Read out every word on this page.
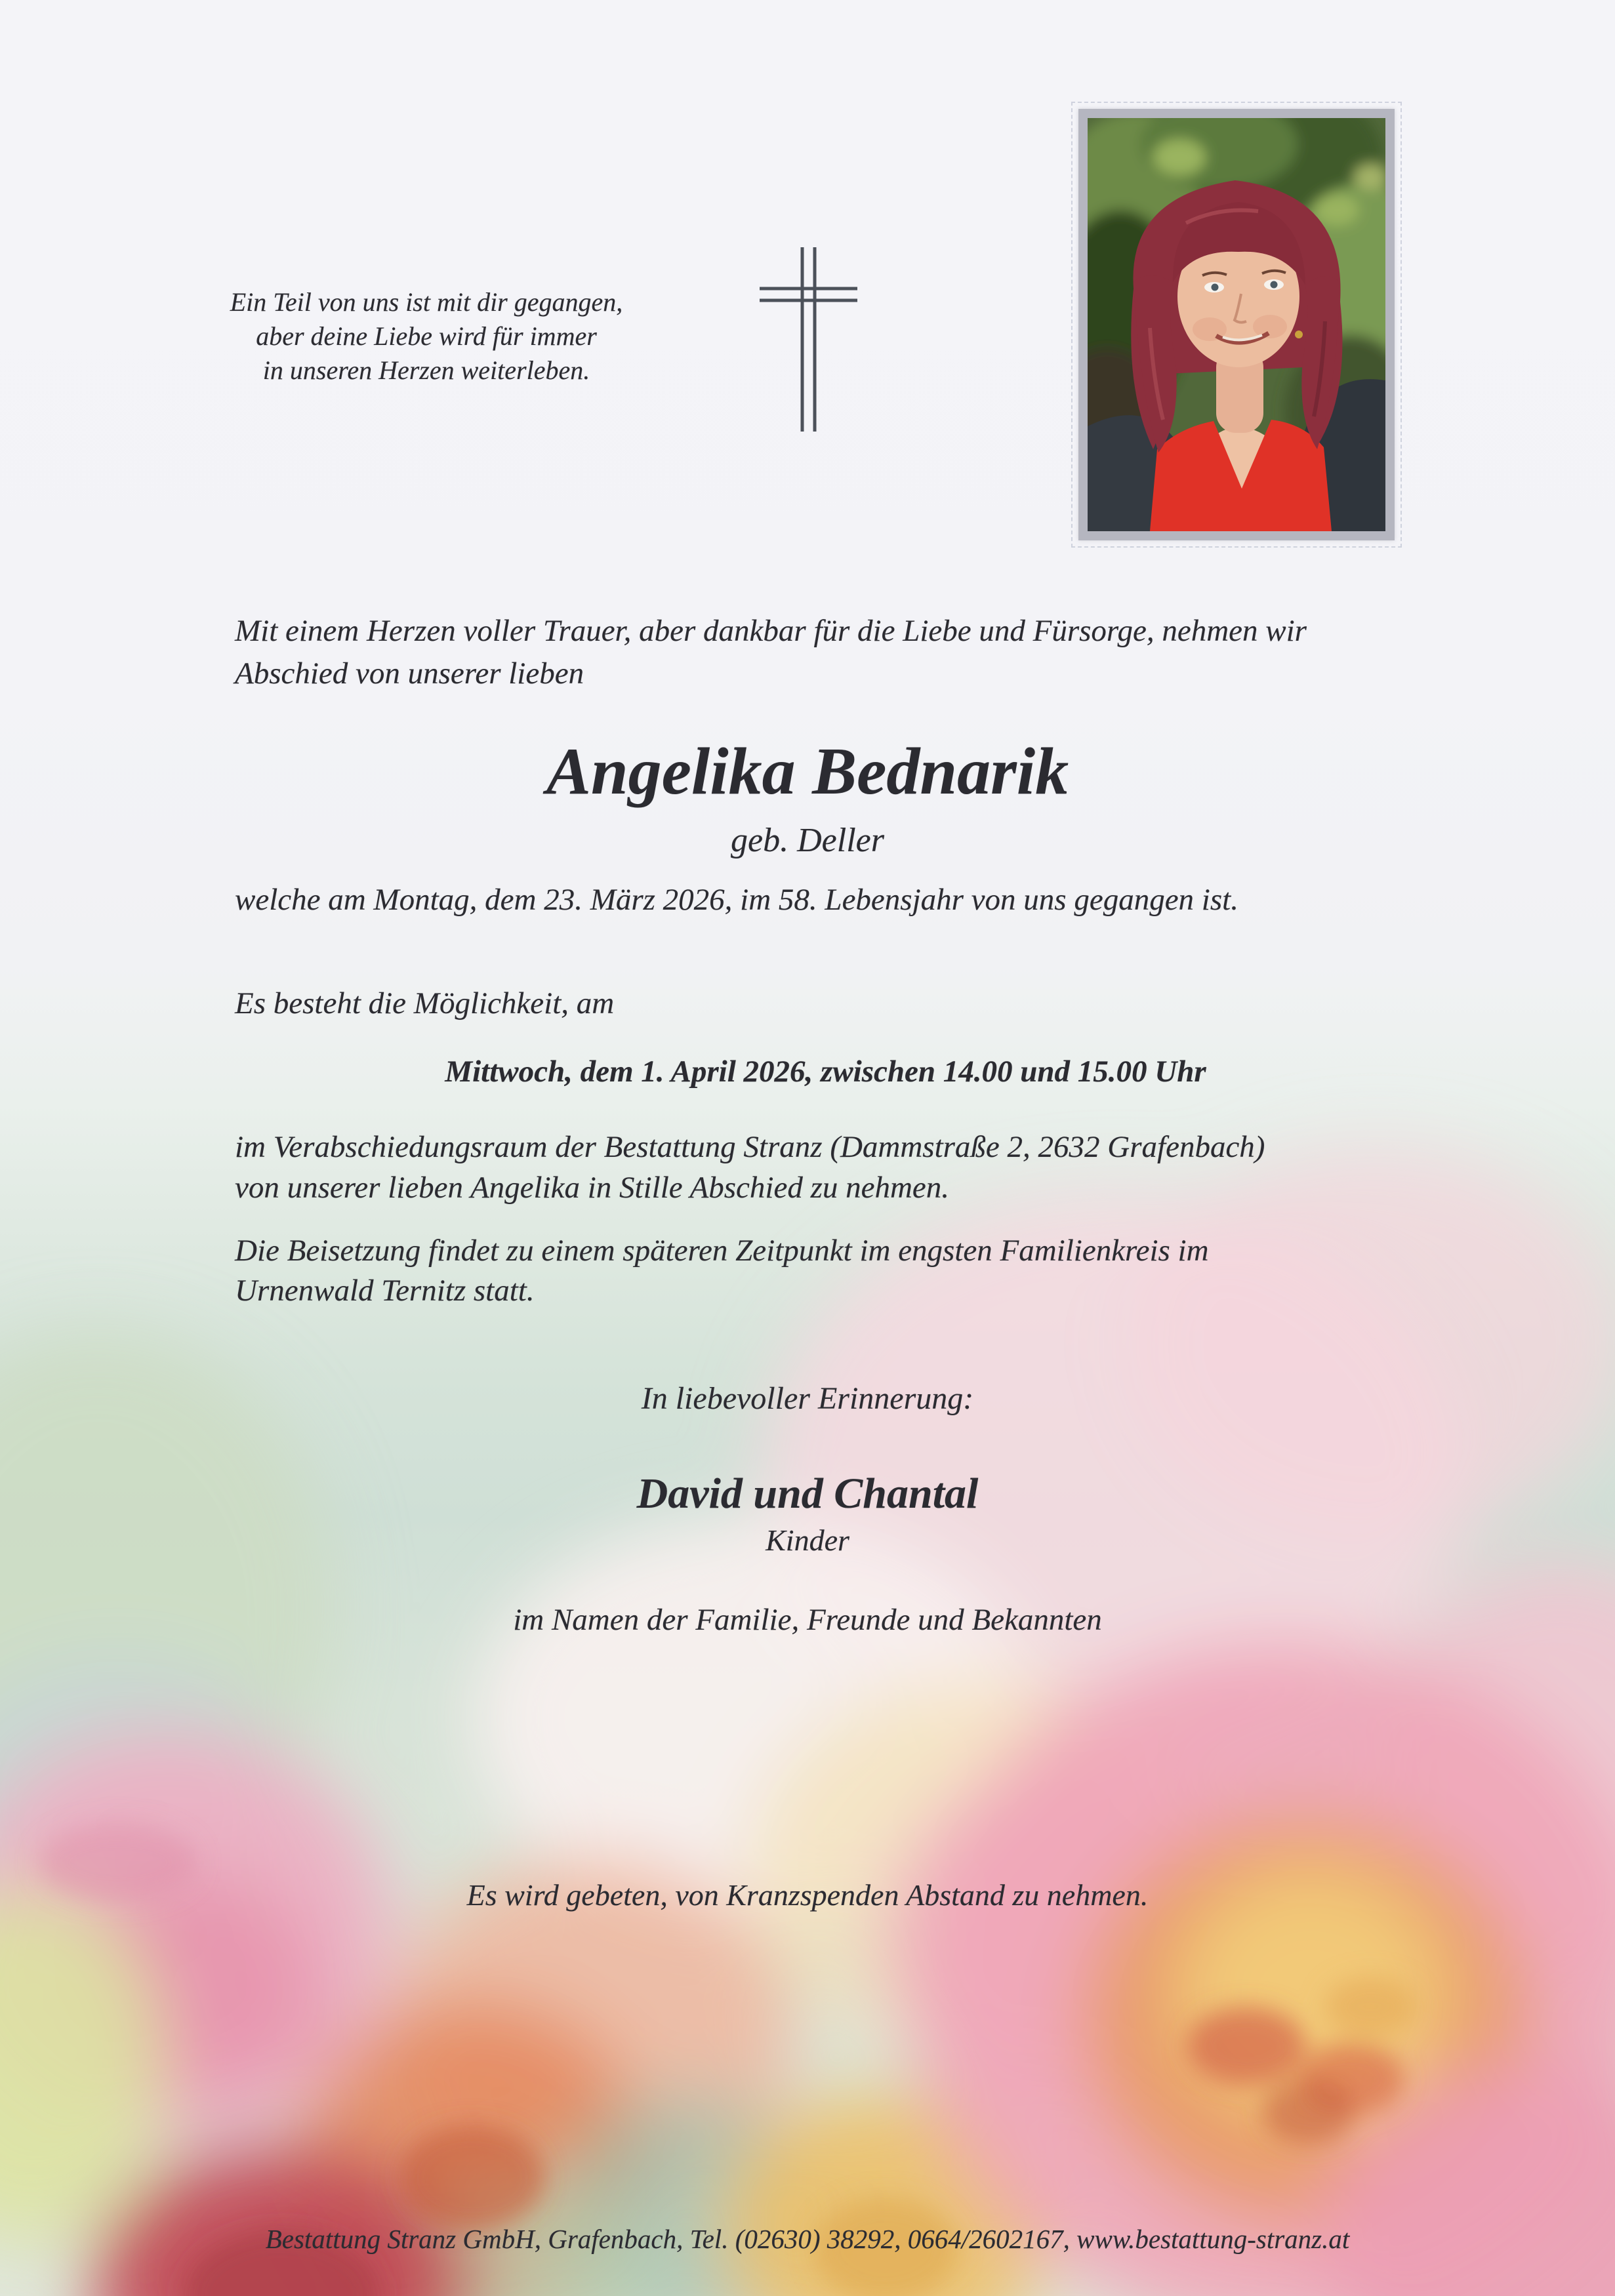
Ein Teil von uns ist mit dir gegangen,
aber deine Liebe wird für immer
in unseren Herzen weiterleben.
Mit einem Herzen voller Trauer, aber dankbar für die Liebe und Fürsorge, nehmen wir
Abschied von unserer lieben
Angelika Bednarik
geb. Deller
welche am Montag, dem 23. März 2026, im 58. Lebensjahr von uns gegangen ist.
Es besteht die Möglichkeit, am
Mittwoch, dem 1. April 2026, zwischen 14.00 und 15.00 Uhr
im Verabschiedungsraum der Bestattung Stranz (Dammstraße 2, 2632 Grafenbach)
von unserer lieben Angelika in Stille Abschied zu nehmen.
Die Beisetzung findet zu einem späteren Zeitpunkt im engsten Familienkreis im
Urnenwald Ternitz statt.
In liebevoller Erinnerung:
David und Chantal
Kinder
im Namen der Familie, Freunde und Bekannten
Es wird gebeten, von Kranzspenden Abstand zu nehmen.
Bestattung Stranz GmbH, Grafenbach, Tel. (02630) 38292, 0664/2602167, www.bestattung-stranz.at
